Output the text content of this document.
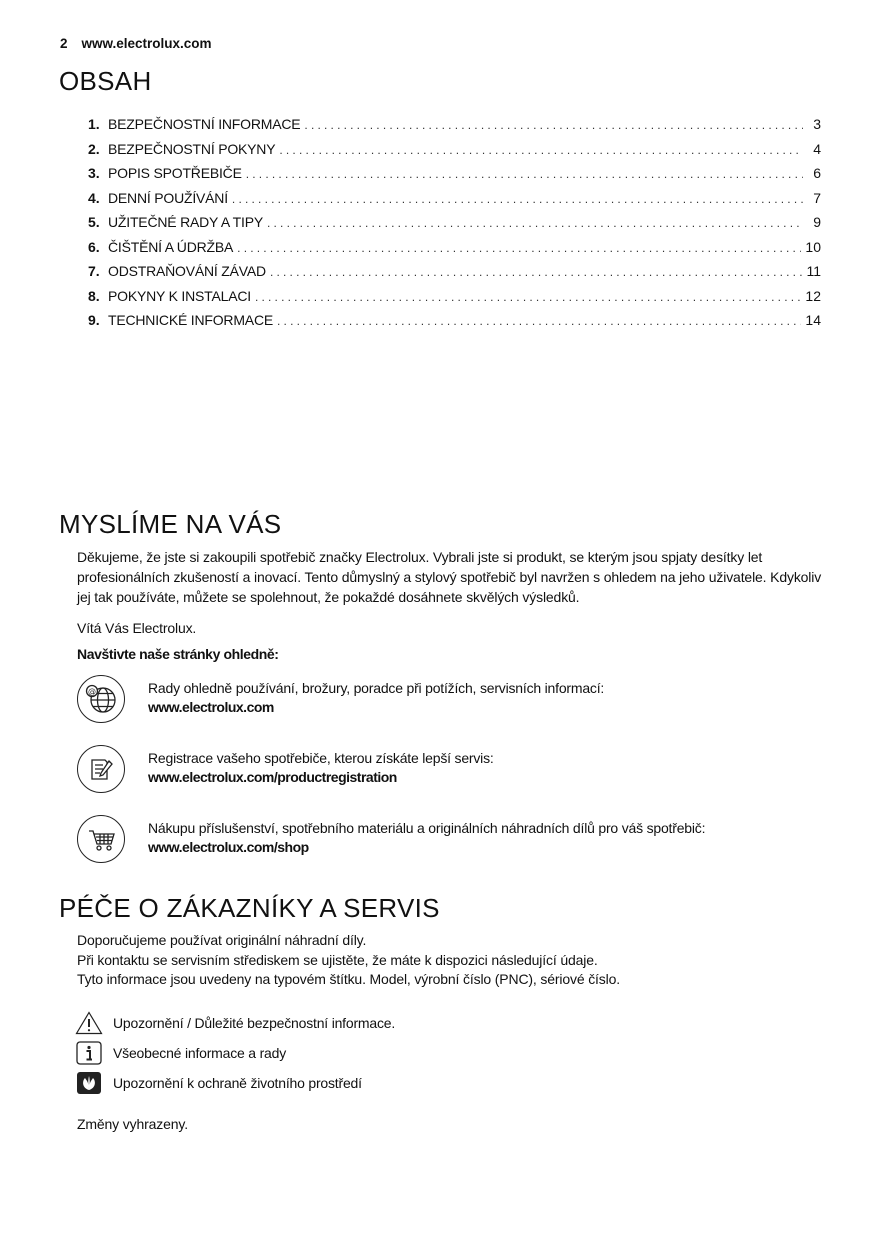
2 www.electrolux.com
OBSAH
1. BEZPEČNOSTNÍ INFORMACE .....	3
2. BEZPEČNOSTNÍ POKYNY .....	4
3. POPIS SPOTŘEBIČE .....	6
4. DENNÍ POUŽÍVÁNÍ .....	7
5. UŽITEČNÉ RADY A TIPY .....	9
6. ČIŠTĚNÍ A ÚDRŽBA .....	10
7. ODSTRAŇOVÁNÍ ZÁVAD .....	11
8. POKYNY K INSTALACI .....	12
9. TECHNICKÉ INFORMACE .....	14
MYSLÍME NA VÁS
Děkujeme, že jste si zakoupili spotřebič značky Electrolux. Vybrali jste si produkt, se kterým jsou spjaty desítky let profesionálních zkušeností a inovací. Tento důmyslný a stylový spotřebič byl navržen s ohledem na jeho uživatele. Kdykoliv jej tak používáte, můžete se spolehnout, že pokaždé dosáhnete skvělých výsledků.
Vítá Vás Electrolux.
Navštivte naše stránky ohledně:
@	Rady ohledně používání, brožury, poradce při potížích, servisních informací:
www.electrolux.com
Registrace vašeho spotřebiče, kterou získáte lepší servis:
www.electrolux.com/productregistration
Nákupu příslušenství, spotřebního materiálu a originálních náhradních dílů pro váš spotřebič:
www.electrolux.com/shop
PÉČE O ZÁKAZNÍKY A SERVIS
Doporučujeme používat originální náhradní díly.
Při kontaktu se servisním střediskem se ujistěte, že máte k dispozici následující údaje.
Tyto informace jsou uvedeny na typovém štítku. Model, výrobní číslo (PNC), sériové číslo.
Upozornění / Důležité bezpečnostní informace.
Všeobecné informace a rady
Upozornění k ochraně životního prostředí
Změny vyhrazeny.
